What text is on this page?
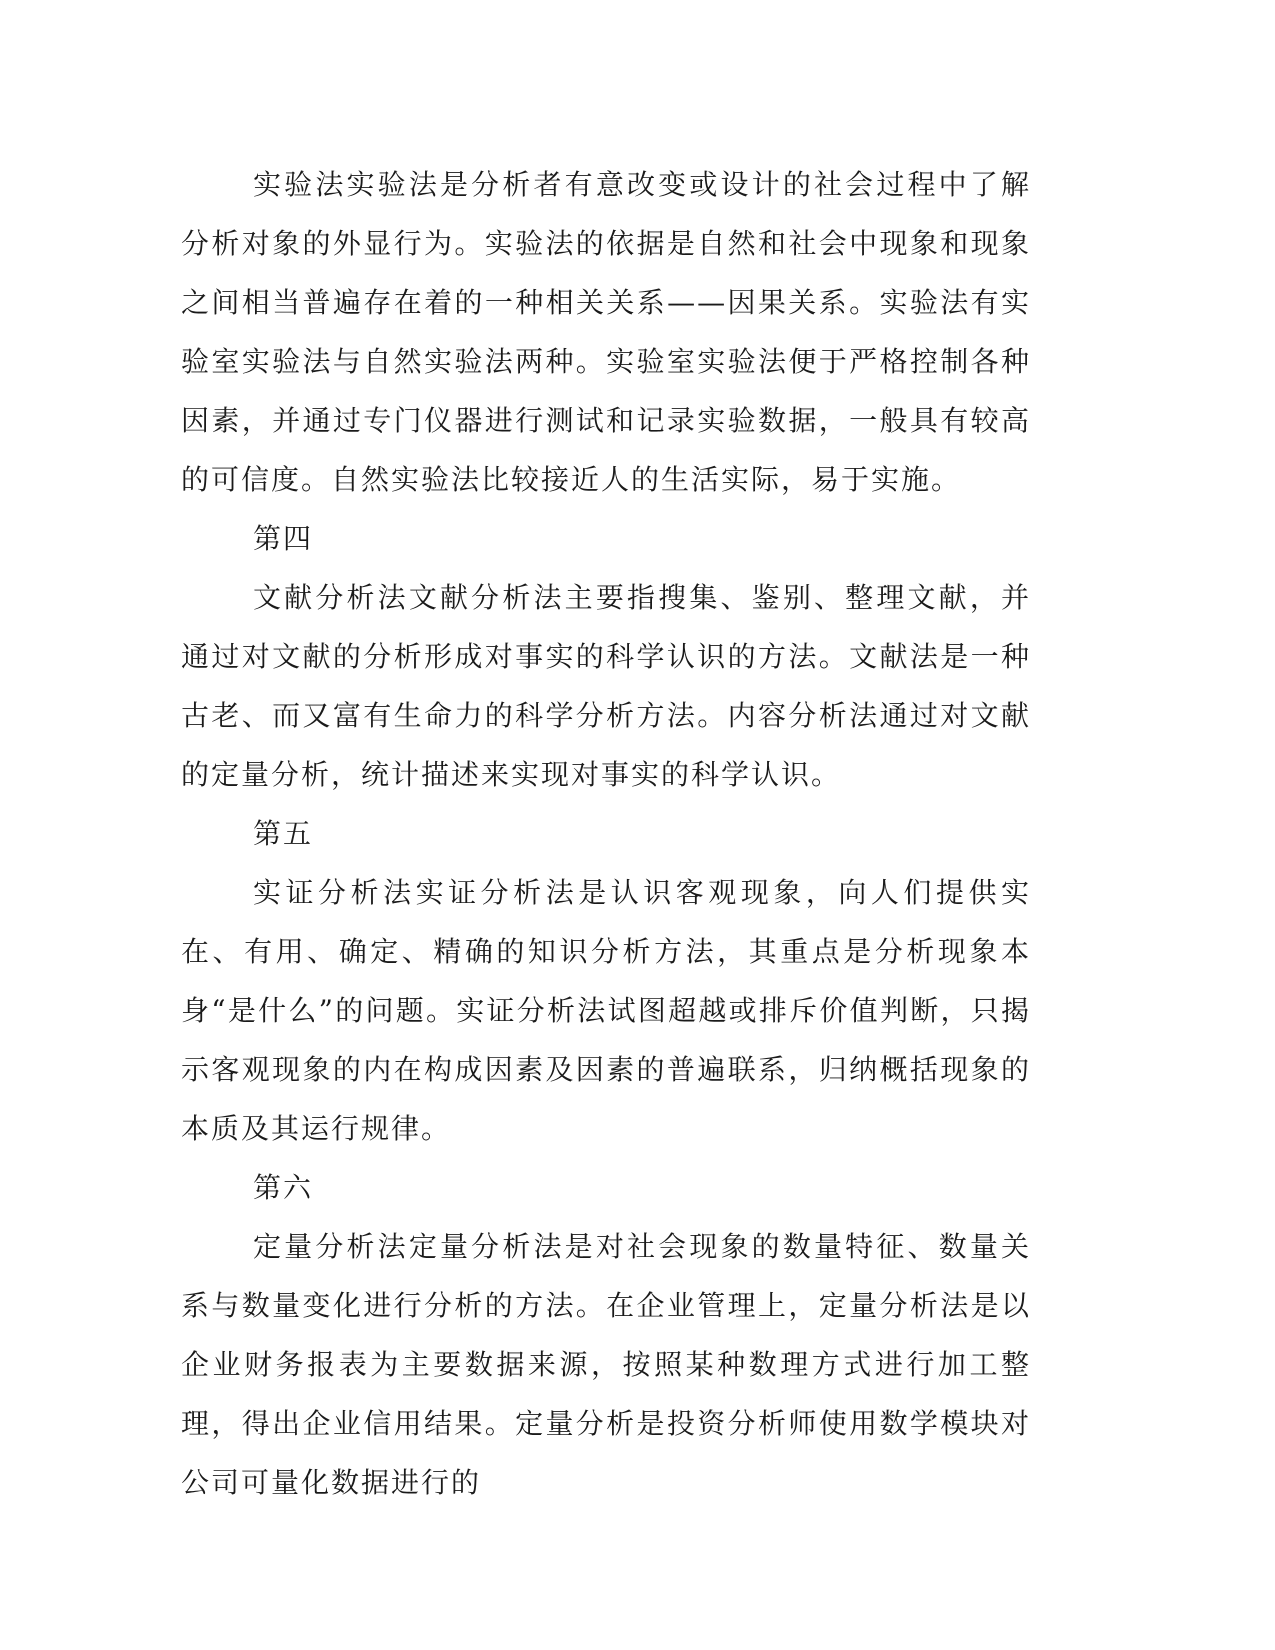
实验法实验法是分析者有意改变或设计的社会过程中了解分析对象的外显行为。实验法的依据是自然和社会中现象和现象之间相当普遍存在着的一种相关关系——因果关系。实验法有实验室实验法与自然实验法两种。实验室实验法便于严格控制各种因素，并通过专门仪器进行测试和记录实验数据，一般具有较高的可信度。自然实验法比较接近人的生活实际，易于实施。

第四

文献分析法文献分析法主要指搜集、鉴别、整理文献，并通过对文献的分析形成对事实的科学认识的方法。文献法是一种古老、而又富有生命力的科学分析方法。内容分析法通过对文献的定量分析，统计描述来实现对事实的科学认识。

第五

实证分析法实证分析法是认识客观现象，向人们提供实在、有用、确定、精确的知识分析方法，其重点是分析现象本身“是什么”的问题。实证分析法试图超越或排斥价值判断，只揭示客观现象的内在构成因素及因素的普遍联系，归纳概括现象的本质及其运行规律。

第六

定量分析法定量分析法是对社会现象的数量特征、数量关系与数量变化进行分析的方法。在企业管理上，定量分析法是以企业财务报表为主要数据来源，按照某种数理方式进行加工整理，得出企业信用结果。定量分析是投资分析师使用数学模块对公司可量化数据进行的
